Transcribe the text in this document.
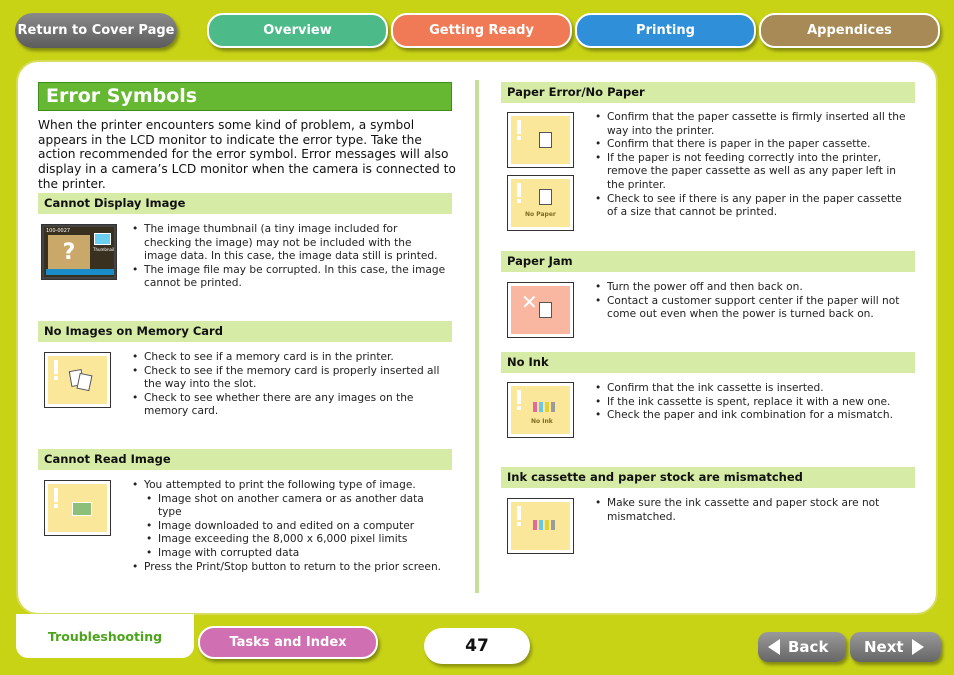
Return to Cover Page	Overview	Getting Ready	Printing	Appendices
Error Symbols

When the printer encounters some kind of problem, a symbol appears in the LCD monitor to indicate the error type. Take the action recommended for the error symbol. Error messages will also display in a camera’s LCD monitor when the camera is connected to the printer.

Cannot Display Image
100-0027
?	Thumbnail
• The image thumbnail (a tiny image included for checking the image) may not be included with the image data. In this case, the image data still is printed.
• The image file may be corrupted. In this case, the image cannot be printed.
No Images on Memory Card
• Check to see if a memory card is in the printer.
• Check to see if the memory card is properly inserted all the way into the slot.
• Check to see whether there are any images on the memory card.
Cannot Read Image
• You attempted to print the following type of image.
• Image shot on another camera or as another data type
• Image downloaded to and edited on a computer
• Image exceeding the 8,000 x 6,000 pixel limits
• Image with corrupted data
• Press the Print/Stop button to return to the prior screen.
Paper Error/No Paper
No Paper
• Confirm that the paper cassette is firmly inserted all the way into the printer.
• Confirm that there is paper in the paper cassette.
• If the paper is not feeding correctly into the printer, remove the paper cassette as well as any paper left in the printer.
• Check to see if there is any paper in the paper cassette of a size that cannot be printed.
Paper Jam
✕
• Turn the power off and then back on.
• Contact a customer support center if the paper will not come out even when the power is turned back on.
No Ink
No Ink
• Confirm that the ink cassette is inserted.
• If the ink cassette is spent, replace it with a new one.
• Check the paper and ink combination for a mismatch.
Ink cassette and paper stock are mismatched
• Make sure the ink cassette and paper stock are not mismatched.
Troubleshooting	Tasks and Index	47	Back Next
